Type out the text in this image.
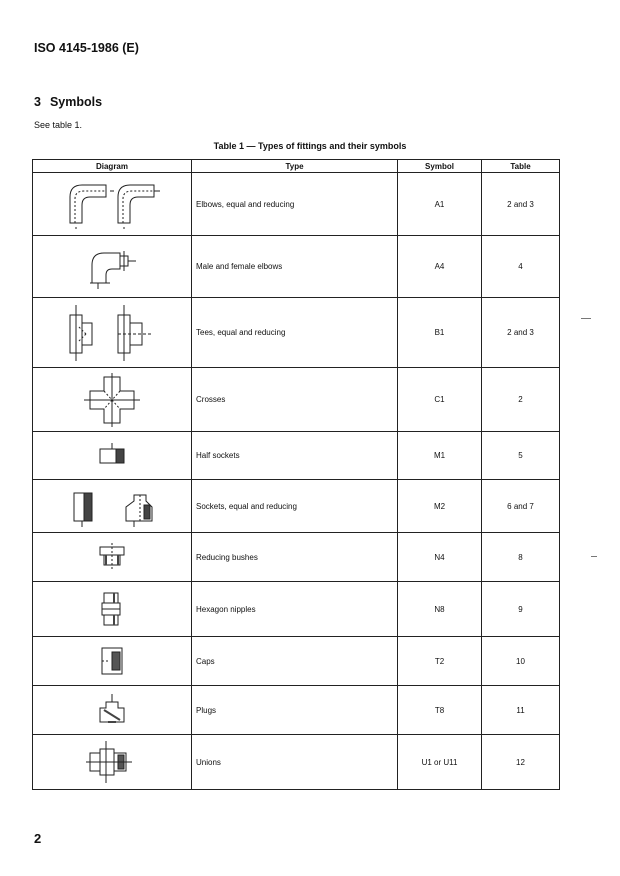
ISO 4145-1986 (E)
3 Symbols
See table 1.
Table 1 — Types of fittings and their symbols
Diagram	Type	Symbol	Table

	Elbows, equal and reducing	A1	2 and 3

	Male and female elbows	A4	4

	Tees, equal and reducing	B1	2 and 3

	Crosses	C1	2

	Half sockets	M1	5

	Sockets, equal and reducing	M2	6 and 7

	Reducing bushes	N4	8

	Hexagon nipples	N8	9

	Caps	T2	10

	Plugs	T8	11

	Unions	U1 or U11	12
2
